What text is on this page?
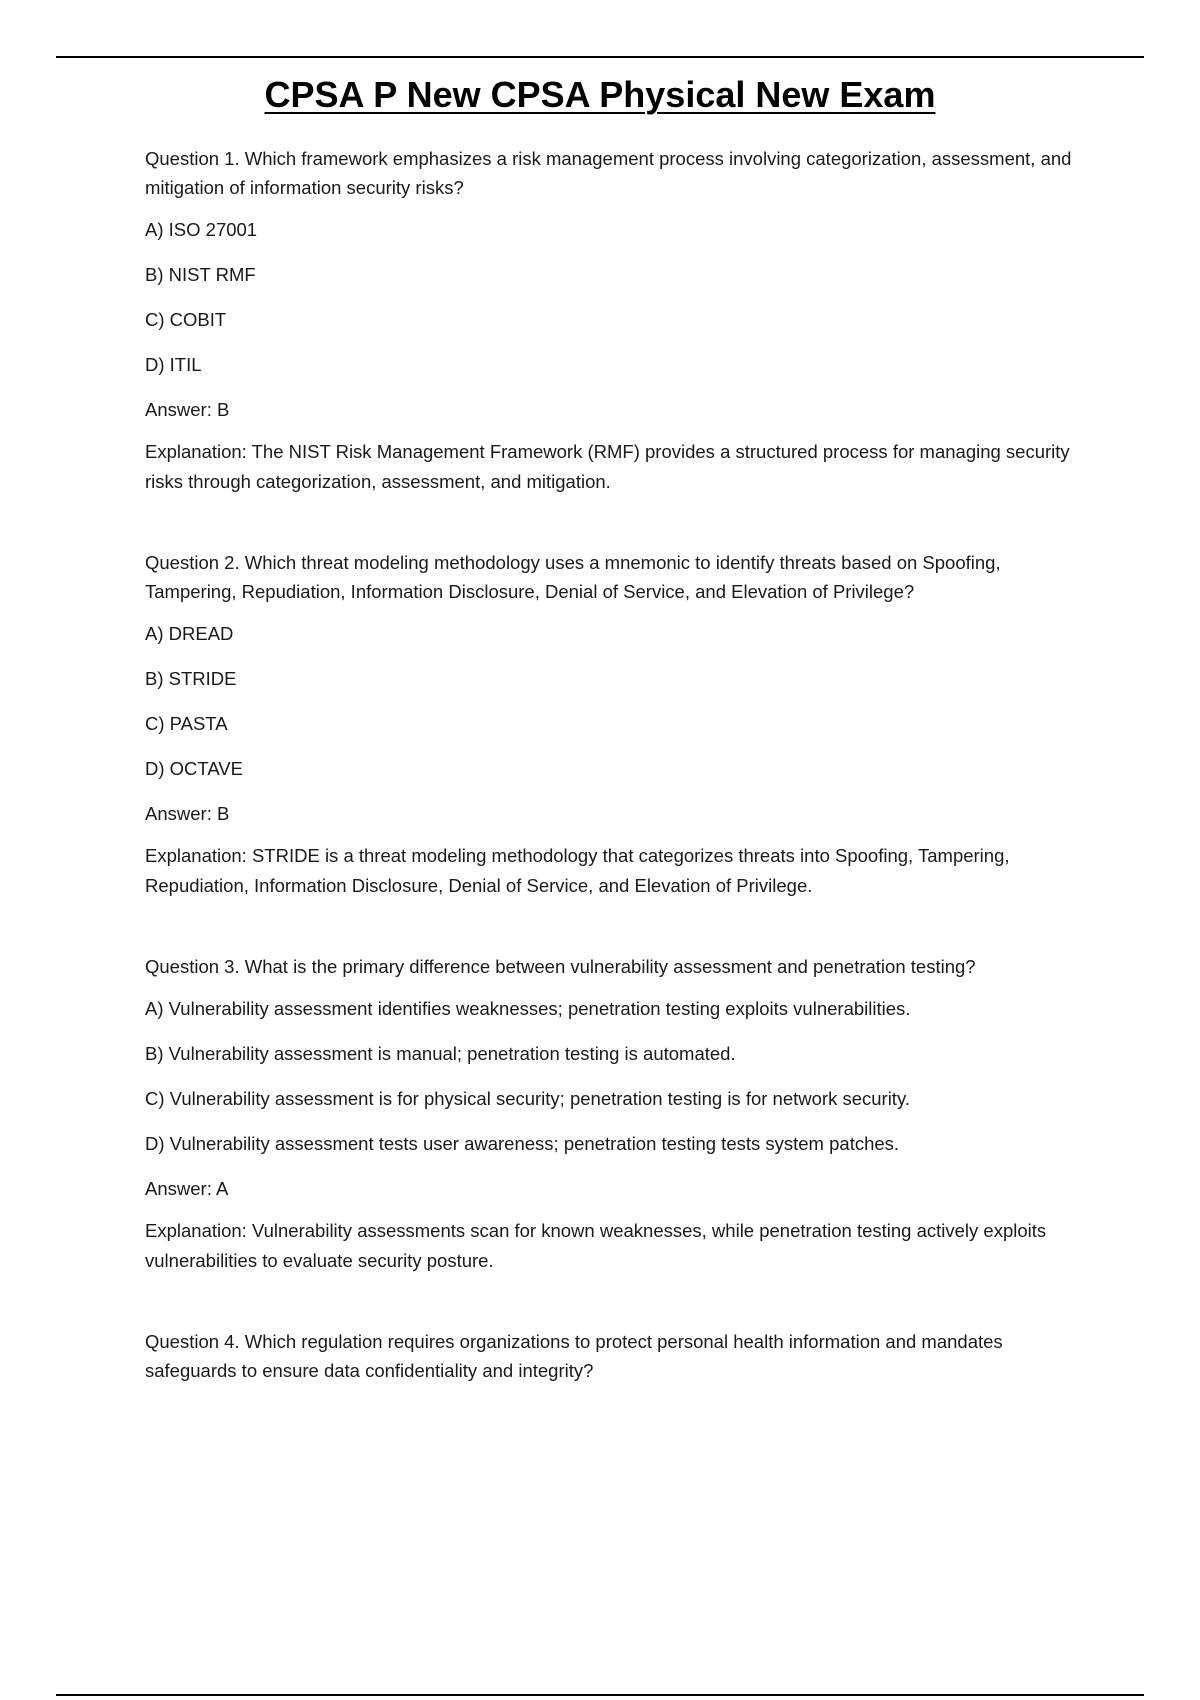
CPSA P New CPSA Physical New Exam

Question 1. Which framework emphasizes a risk management process involving categorization, assessment, and mitigation of information security risks?

A) ISO 27001

B) NIST RMF

C) COBIT

D) ITIL

Answer: B

Explanation: The NIST Risk Management Framework (RMF) provides a structured process for managing security risks through categorization, assessment, and mitigation.

Question 2. Which threat modeling methodology uses a mnemonic to identify threats based on Spoofing, Tampering, Repudiation, Information Disclosure, Denial of Service, and Elevation of Privilege?

A) DREAD

B) STRIDE

C) PASTA

D) OCTAVE

Answer: B

Explanation: STRIDE is a threat modeling methodology that categorizes threats into Spoofing, Tampering, Repudiation, Information Disclosure, Denial of Service, and Elevation of Privilege.

Question 3. What is the primary difference between vulnerability assessment and penetration testing?

A) Vulnerability assessment identifies weaknesses; penetration testing exploits vulnerabilities.

B) Vulnerability assessment is manual; penetration testing is automated.

C) Vulnerability assessment is for physical security; penetration testing is for network security.

D) Vulnerability assessment tests user awareness; penetration testing tests system patches.

Answer: A

Explanation: Vulnerability assessments scan for known weaknesses, while penetration testing actively exploits vulnerabilities to evaluate security posture.

Question 4. Which regulation requires organizations to protect personal health information and mandates safeguards to ensure data confidentiality and integrity?
